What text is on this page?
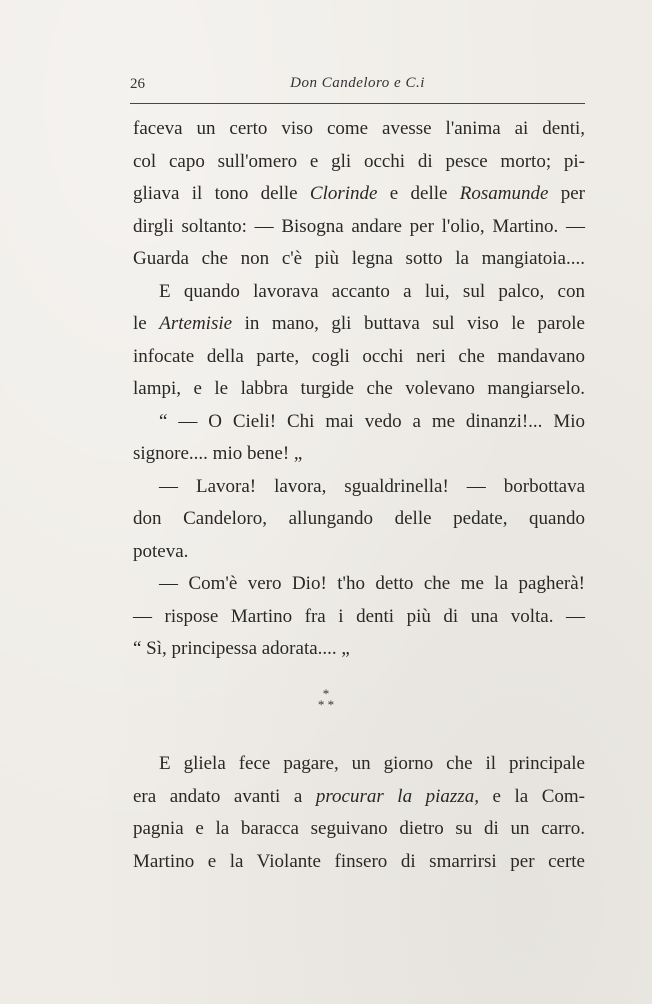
26	Don Candeloro e C.i
faceva un certo viso come avesse l'anima ai denti,
col capo sull'omero e gli occhi di pesce morto; pi-
gliava il tono delle Clorinde e delle Rosamunde per
dirgli soltanto: — Bisogna andare per l'olio, Martino. —
Guarda che non c'è più legna sotto la mangiatoia....
E quando lavorava accanto a lui, sul palco, con
le Artemisie in mano, gli buttava sul viso le parole
infocate della parte, cogli occhi neri che mandavano
lampi, e le labbra turgide che volevano mangiarselo.
“ — O Cieli! Chi mai vedo a me dinanzi!... Mio
signore.... mio bene! „
— Lavora! lavora, sgualdrinella! — borbottava
don Candeloro, allungando delle pedate, quando
poteva.
— Com'è vero Dio! t'ho detto che me la pagherà!
— rispose Martino fra i denti più di una volta. —
“ Sì, principessa adorata.... „
*
* *
E gliela fece pagare, un giorno che il principale
era andato avanti a procurar la piazza, e la Com-
pagnia e la baracca seguivano dietro su di un carro.
Martino e la Violante finsero di smarrirsi per certe
